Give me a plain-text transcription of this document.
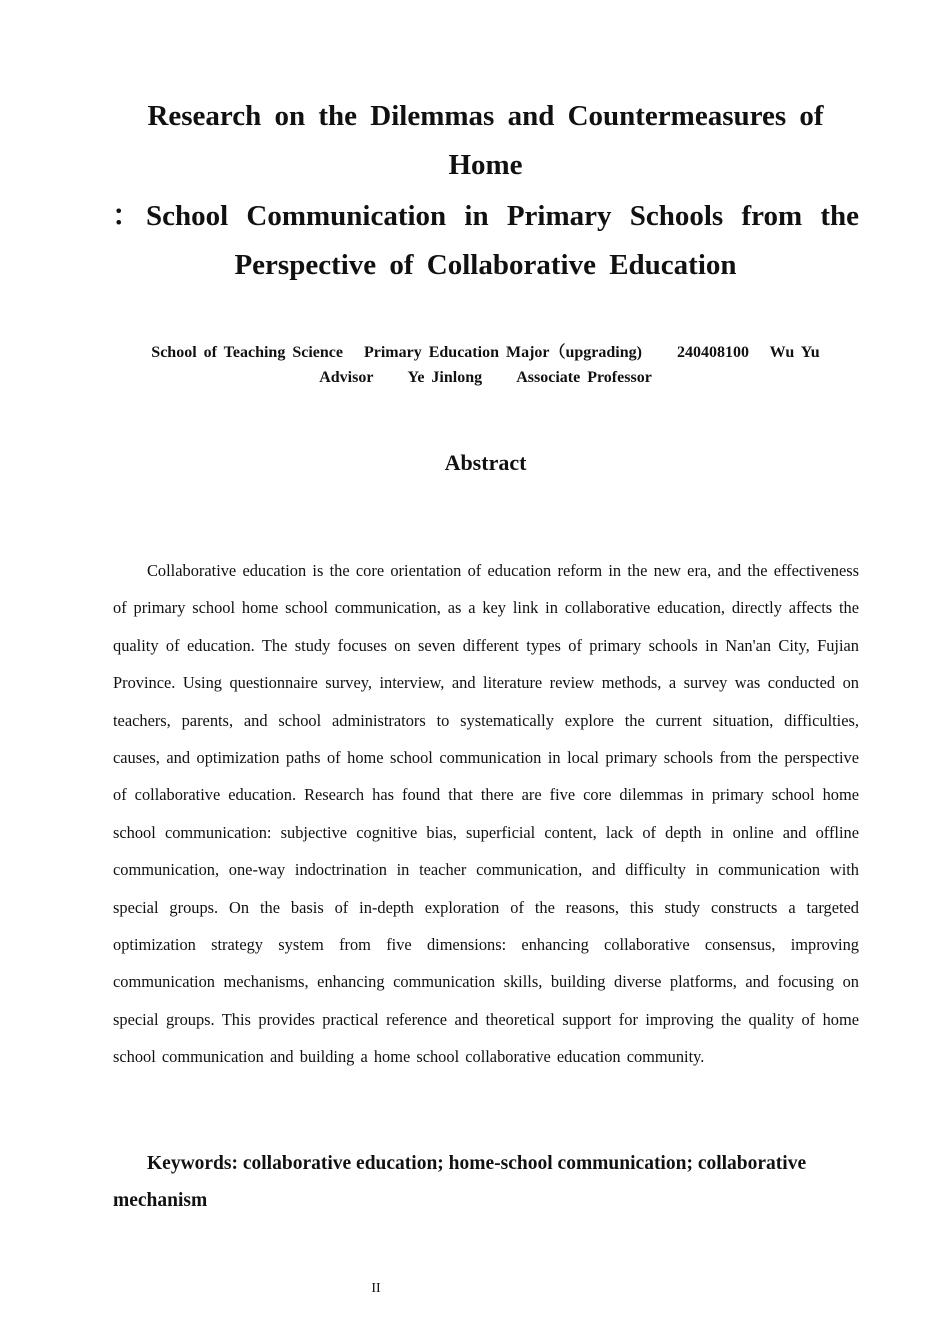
Research on the Dilemmas and Countermeasures of
Home
：School Communication in Primary Schools from the
Perspective of Collaborative Education

School of Teaching Science   Primary Education Major（upgrading)     240408100   Wu Yu

Advisor     Ye Jinlong     Associate Professor

Abstract

Collaborative education is the core orientation of education reform in the new era, and the effectiveness of primary school home school communication, as a key link in collaborative education, directly affects the quality of education. The study focuses on seven different types of primary schools in Nan'an City, Fujian Province. Using questionnaire survey, interview, and literature review methods, a survey was conducted on teachers, parents, and school administrators to systematically explore the current situation, difficulties, causes, and optimization paths of home school communication in local primary schools from the perspective of collaborative education. Research has found that there are five core dilemmas in primary school home school communication: subjective cognitive bias, superficial content, lack of depth in online and offline communication, one-way indoctrination in teacher communication, and difficulty in communication with special groups. On the basis of in-depth exploration of the reasons, this study constructs a targeted optimization strategy system from five dimensions: enhancing collaborative consensus, improving communication mechanisms, enhancing communication skills, building diverse platforms, and focusing on special groups. This provides practical reference and theoretical support for improving the quality of home school communication and building a home school collaborative education community.

Keywords: collaborative education; home-school communication; collaborative mechanism

II
